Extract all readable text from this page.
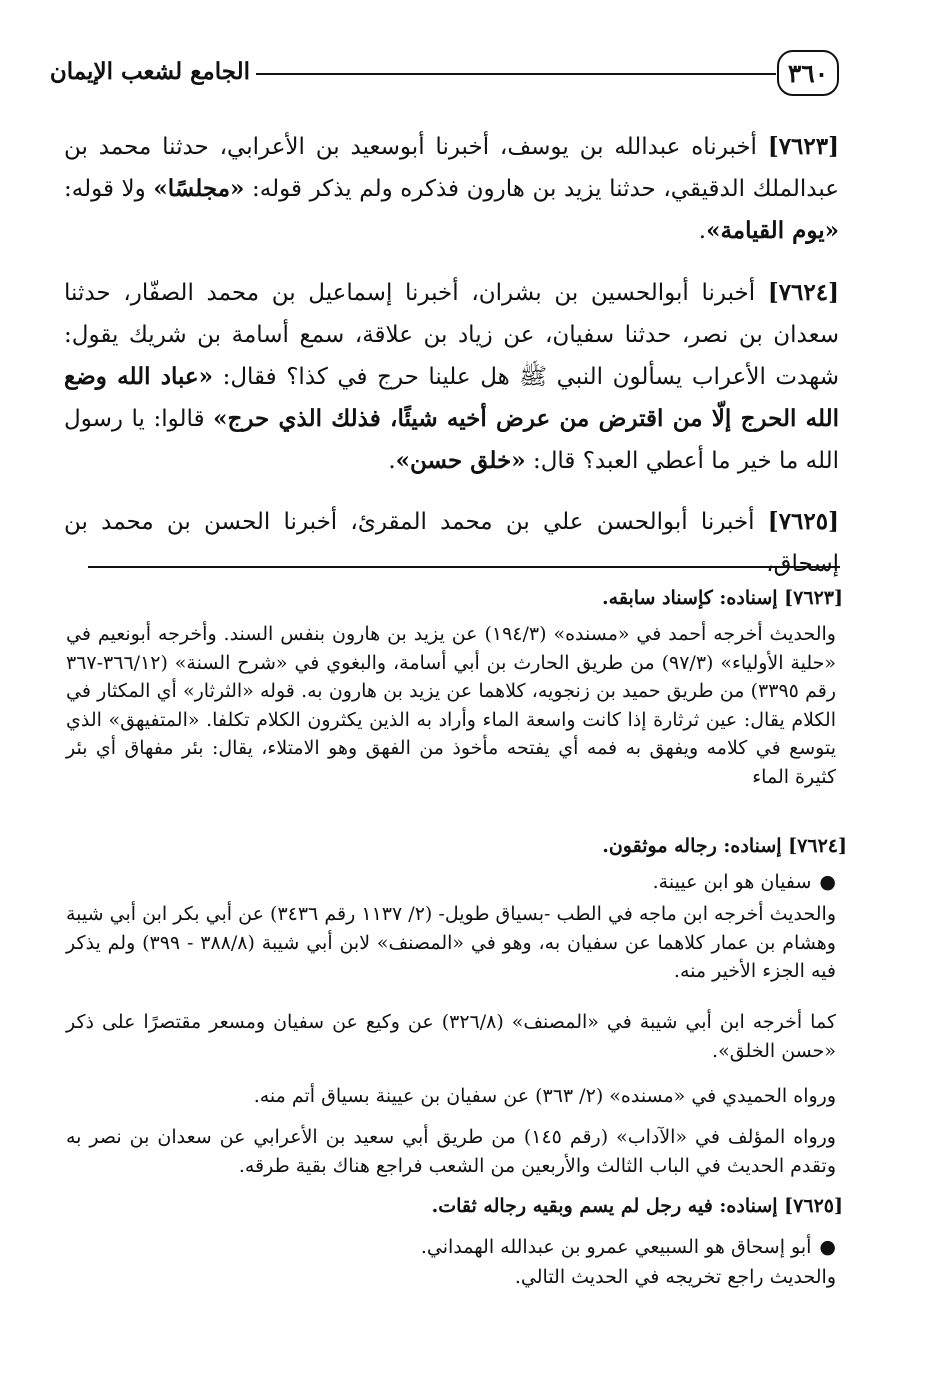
٣٦٠
الجامع لشعب الإيمان
[٧٦٢٣] أخبرناه عبدالله بن يوسف، أخبرنا أبوسعيد بن الأعرابي، حدثنا محمد بن عبدالملك الدقيقي، حدثنا يزيد بن هارون فذكره ولم يذكر قوله: «مجلسًا» ولا قوله: «يوم القيامة».
[٧٦٢٤] أخبرنا أبوالحسين بن بشران، أخبرنا إسماعيل بن محمد الصفّار، حدثنا سعدان بن نصر، حدثنا سفيان، عن زياد بن علاقة، سمع أسامة بن شريك يقول: شهدت الأعراب يسألون النبي ﷺ هل علينا حرج في كذا؟ فقال: «عباد الله وضع الله الحرج إلّا من اقترض من عرض أخيه شيئًا، فذلك الذي حرج» قالوا: يا رسول الله ما خير ما أعطي العبد؟ قال: «خلق حسن».
[٧٦٢٥] أخبرنا أبوالحسن علي بن محمد المقرئ، أخبرنا الحسن بن محمد بن إسحاق،
[٧٦٢٣] إسناده: كإسناد سابقه.
والحديث أخرجه أحمد في «مسنده» (١٩٤/٣) عن يزيد بن هارون بنفس السند. وأخرجه أبونعيم في «حلية الأولياء» (٩٧/٣) من طريق الحارث بن أبي أسامة، والبغوي في «شرح السنة» (٣٦٦/١٢-٣٦٧ رقم ٣٣٩٥) من طريق حميد بن زنجويه، كلاهما عن يزيد بن هارون به. قوله «الثرثار» أي المكثار في الكلام يقال: عين ثرثارة إذا كانت واسعة الماء وأراد به الذين يكثرون الكلام تكلفا. «المتفيهق» الذي يتوسع في كلامه ويفهق به فمه أي يفتحه مأخوذ من الفهق وهو الامتلاء، يقال: بئر مفهاق أي بئر كثيرة الماء
[٧٦٢٤] إسناده: رجاله موثقون.
●سفيان هو ابن عيينة.
والحديث أخرجه ابن ماجه في الطب -بسياق طويل- (٢/ ١١٣٧ رقم ٣٤٣٦) عن أبي بكر ابن أبي شيبة وهشام بن عمار كلاهما عن سفيان به، وهو في «المصنف» لابن أبي شيبة (٣٨٨/٨ - ٣٩٩) ولم يذكر فيه الجزء الأخير منه.
كما أخرجه ابن أبي شيبة في «المصنف» (٣٢٦/٨) عن وكيع عن سفيان ومسعر مقتصرًا على ذكر «حسن الخلق».
ورواه الحميدي في «مسنده» (٢/ ٣٦٣) عن سفيان بن عيينة بسياق أتم منه.
ورواه المؤلف في «الآداب» (رقم ١٤٥) من طريق أبي سعيد بن الأعرابي عن سعدان بن نصر به وتقدم الحديث في الباب الثالث والأربعين من الشعب فراجع هناك بقية طرقه.
[٧٦٢٥] إسناده: فيه رجل لم يسم وبقيه رجاله ثقات.
●أبو إسحاق هو السبيعي عمرو بن عبدالله الهمداني.
والحديث راجع تخريجه في الحديث التالي.
